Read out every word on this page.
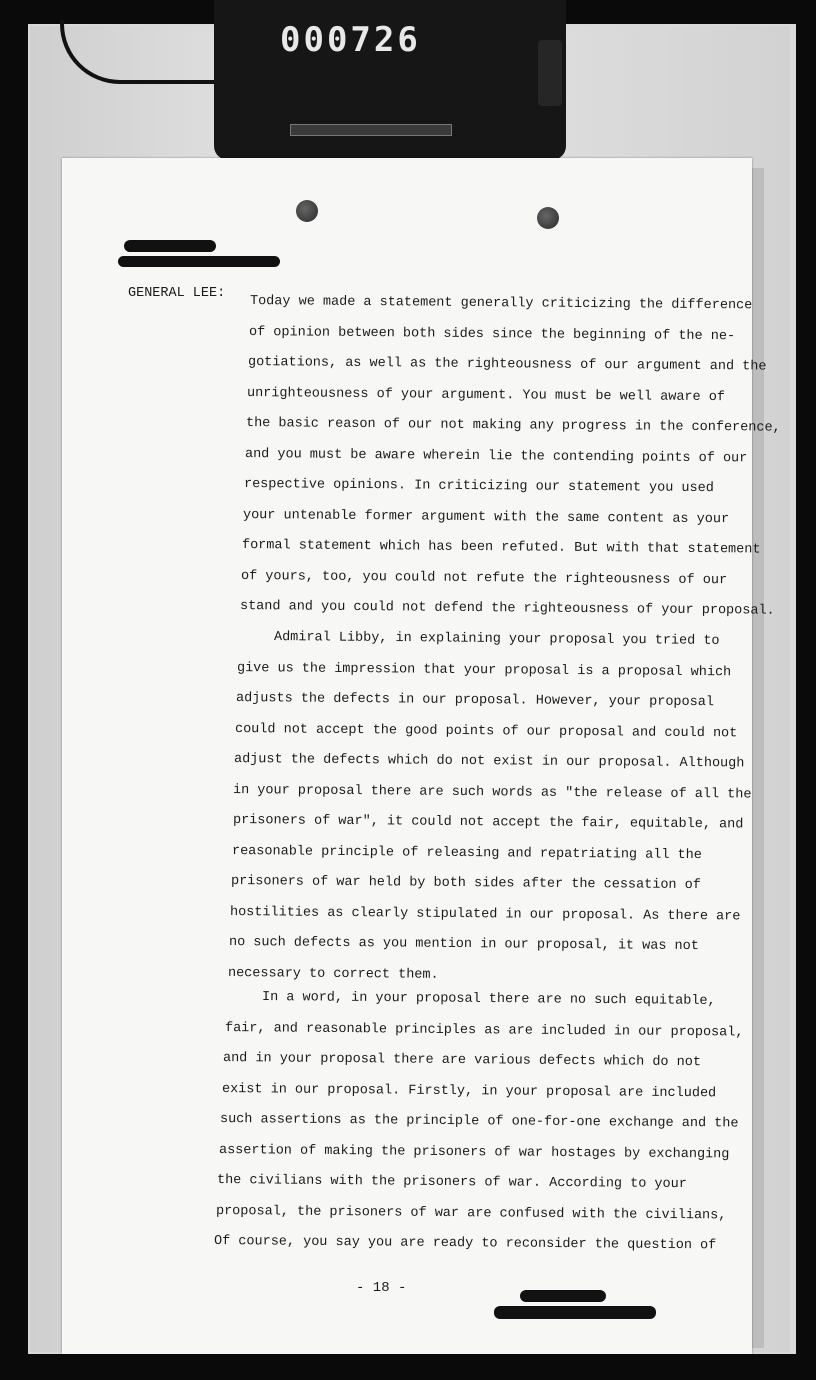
000726
GENERAL LEE:
Today we made a statement generally criticizing the difference
of opinion between both sides since the beginning of the ne-
gotiations, as well as the righteousness of our argument and the
unrighteousness of your argument. You must be well aware of
the basic reason of our not making any progress in the conference,
and you must be aware wherein lie the contending points of our
respective opinions. In criticizing our statement you used
your untenable former argument with the same content as your
formal statement which has been refuted. But with that statement
of yours, too, you could not refute the righteousness of our
stand and you could not defend the righteousness of your proposal.
Admiral Libby, in explaining your proposal you tried to
give us the impression that your proposal is a proposal which
adjusts the defects in our proposal. However, your proposal
could not accept the good points of our proposal and could not
adjust the defects which do not exist in our proposal. Although
in your proposal there are such words as "the release of all the
prisoners of war", it could not accept the fair, equitable, and
reasonable principle of releasing and repatriating all the
prisoners of war held by both sides after the cessation of
hostilities as clearly stipulated in our proposal. As there are
no such defects as you mention in our proposal, it was not
necessary to correct them.
In a word, in your proposal there are no such equitable,
fair, and reasonable principles as are included in our proposal,
and in your proposal there are various defects which do not
exist in our proposal. Firstly, in your proposal are included
such assertions as the principle of one-for-one exchange and the
assertion of making the prisoners of war hostages by exchanging
the civilians with the prisoners of war. According to your
proposal, the prisoners of war are confused with the civilians,
Of course, you say you are ready to reconsider the question of
- 18 -
